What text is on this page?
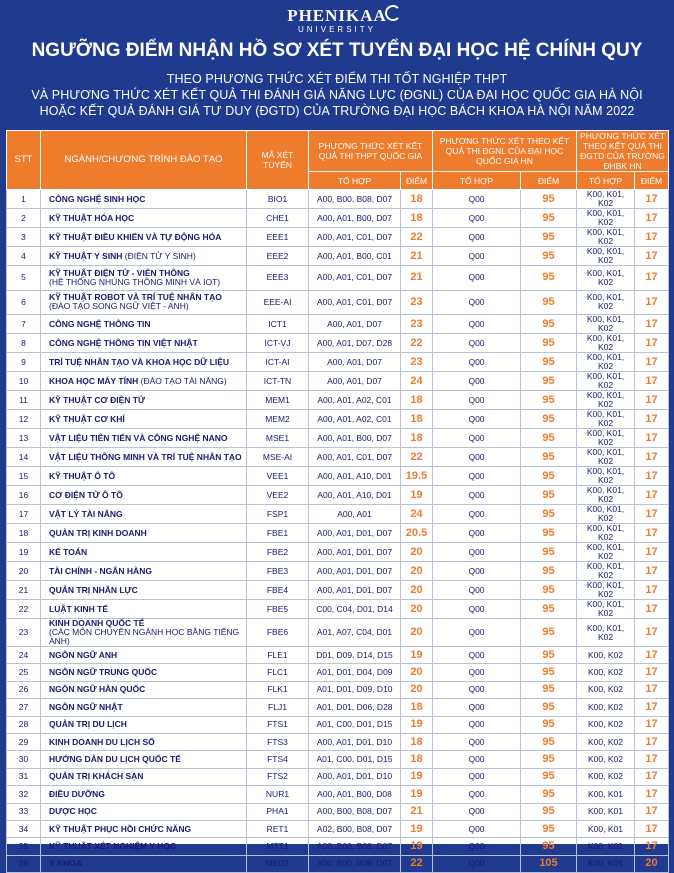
PHENIKAA
UNIVERSITY
NGƯỠNG ĐIỂM NHẬN HỒ SƠ XÉT TUYỂN ĐẠI HỌC HỆ CHÍNH QUY
THEO PHƯƠNG THỨC XÉT ĐIỂM THI TỐT NGHIỆP THPT
VÀ PHƯƠNG THỨC XÉT KẾT QUẢ THI ĐÁNH GIÁ NĂNG LỰC (ĐGNL) CỦA ĐẠI HỌC QUỐC GIA HÀ NỘI
HOẶC KẾT QUẢ ĐÁNH GIÁ TƯ DUY (ĐGTD) CỦA TRƯỜNG ĐẠI HỌC BÁCH KHOA HÀ NỘI NĂM 2022
STT	NGÀNH/CHƯƠNG TRÌNH ĐÀO TẠO	MÃ XÉT TUYỂN	PHƯƠNG THỨC XÉT KẾT QUẢ THI THPT QUỐC GIA		PHƯƠNG THỨC XÉT THEO KẾT QUẢ THI ĐGNL CỦA ĐẠI HỌC QUỐC GIA HN		PHƯƠNG THỨC XÉT THEO KẾT QUẢ THI ĐGTD CỦA TRƯỜNG ĐHBK HN	
			TỔ HỢP	ĐIỂM	TỔ HỢP	ĐIỂM	TỔ HỢP	ĐIỂM
1	CÔNG NGHỆ SINH HỌC	BIO1	A00, B00, B08, D07	18	Q00	95	K00, K01, K02	17
2	KỸ THUẬT HÓA HỌC	CHE1	A00, A01, B00, D07	18	Q00	95	K00, K01, K02	17
3	KỸ THUẬT ĐIỀU KHIỂN VÀ TỰ ĐỘNG HÓA	EEE1	A00, A01, C01, D07	22	Q00	95	K00, K01, K02	17
4	KỸ THUẬT Y SINH (ĐIỆN TỬ Y SINH)	EEE2	A00, A01, B00, C01	21	Q00	95	K00, K01, K02	17
5	KỸ THUẬT ĐIỆN TỬ - VIỄN THÔNG
(HỆ THỐNG NHÚNG THÔNG MINH VÀ IOT)	EEE3	A00, A01, C01, D07	21	Q00	95	K00, K01, K02	17
6	KỸ THUẬT ROBOT VÀ TRÍ TUỆ NHÂN TẠO
(ĐÀO TẠO SONG NGỮ VIỆT - ANH)	EEE-AI	A00, A01, C01, D07	23	Q00	95	K00, K01, K02	17
7	CÔNG NGHỆ THÔNG TIN	ICT1	A00, A01, D07	23	Q00	95	K00, K01, K02	17
8	CÔNG NGHỆ THÔNG TIN VIỆT NHẬT	ICT-VJ	A00, A01, D07, D28	22	Q00	95	K00, K01, K02	17
9	TRÍ TUỆ NHÂN TẠO VÀ KHOA HỌC DỮ LIỆU	ICT-AI	A00, A01, D07	23	Q00	95	K00, K01, K02	17
10	KHOA HỌC MÁY TÍNH (ĐÀO TẠO TÀI NĂNG)	ICT-TN	A00, A01, D07	24	Q00	95	K00, K01, K02	17
11	KỸ THUẬT CƠ ĐIỆN TỬ	MEM1	A00, A01, A02, C01	18	Q00	95	K00, K01, K02	17
12	KỸ THUẬT CƠ KHÍ	MEM2	A00, A01, A02, C01	18	Q00	95	K00, K01, K02	17
13	VẬT LIỆU TIÊN TIẾN VÀ CÔNG NGHỆ NANO	MSE1	A00, A01, B00, D07	18	Q00	95	K00, K01, K02	17
14	VẬT LIỆU THÔNG MINH VÀ TRÍ TUỆ NHÂN TẠO	MSE-AI	A00, A01, C01, D07	22	Q00	95	K00, K01, K02	17
15	KỸ THUẬT Ô TÔ	VEE1	A00, A01, A10, D01	19.5	Q00	95	K00, K01, K02	17
16	CƠ ĐIỆN TỬ Ô TÔ	VEE2	A00, A01, A10, D01	19	Q00	95	K00, K01, K02	17
17	VẬT LÝ TÀI NĂNG	FSP1	A00, A01	24	Q00	95	K00, K01, K02	17
18	QUẢN TRỊ KINH DOANH	FBE1	A00, A01, D01, D07	20.5	Q00	95	K00, K01, K02	17
19	KẾ TOÁN	FBE2	A00, A01, D01, D07	20	Q00	95	K00, K01, K02	17
20	TÀI CHÍNH - NGÂN HÀNG	FBE3	A00, A01, D01, D07	20	Q00	95	K00, K01, K02	17
21	QUẢN TRỊ NHÂN LỰC	FBE4	A00, A01, D01, D07	20	Q00	95	K00, K01, K02	17
22	LUẬT KINH TẾ	FBE5	C00, C04, D01, D14	20	Q00	95	K00, K01, K02	17
23	KINH DOANH QUỐC TẾ
(CÁC MÔN CHUYÊN NGÀNH HỌC BẰNG TIẾNG ANH)	FBE6	A01, A07, C04, D01	20	Q00	95	K00, K01, K02	17
24	NGÔN NGỮ ANH	FLE1	D01, D09, D14, D15	19	Q00	95	K00, K02	17
25	NGÔN NGỮ TRUNG QUỐC	FLC1	A01, D01, D04, D09	20	Q00	95	K00, K02	17
26	NGÔN NGỮ HÀN QUỐC	FLK1	A01, D01, D09, D10	20	Q00	95	K00, K02	17
27	NGÔN NGỮ NHẬT	FLJ1	A01, D01, D06, D28	18	Q00	95	K00, K02	17
28	QUẢN TRỊ DU LỊCH	FTS1	A01, C00, D01, D15	19	Q00	95	K00, K02	17
29	KINH DOANH DU LỊCH SỐ	FTS3	A00, A01, D01, D10	18	Q00	95	K00, K02	17
30	HƯỚNG DẪN DU LỊCH QUỐC TẾ	FTS4	A01, C00, D01, D15	18	Q00	95	K00, K02	17
31	QUẢN TRỊ KHÁCH SẠN	FTS2	A00, A01, D01, D10	19	Q00	95	K00, K02	17
32	ĐIỀU DƯỠNG	NUR1	A00, A01, B00, D08	19	Q00	95	K00, K01	17
33	DƯỢC HỌC	PHA1	A00, B00, B08, D07	21	Q00	95	K00, K01	17
34	KỸ THUẬT PHỤC HỒI CHỨC NĂNG	RET1	A02, B00, B08, D07	19	Q00	95	K00, K01	17
35	KỸ THUẬT XÉT NGHIỆM Y HỌC	MTT1	A00, B00, B08, D07	19	Q00	95	K00, K01	17
36	Y KHOA	MED1	A00, B00, B08, D07	22	Q00	105	K00, K01	20
